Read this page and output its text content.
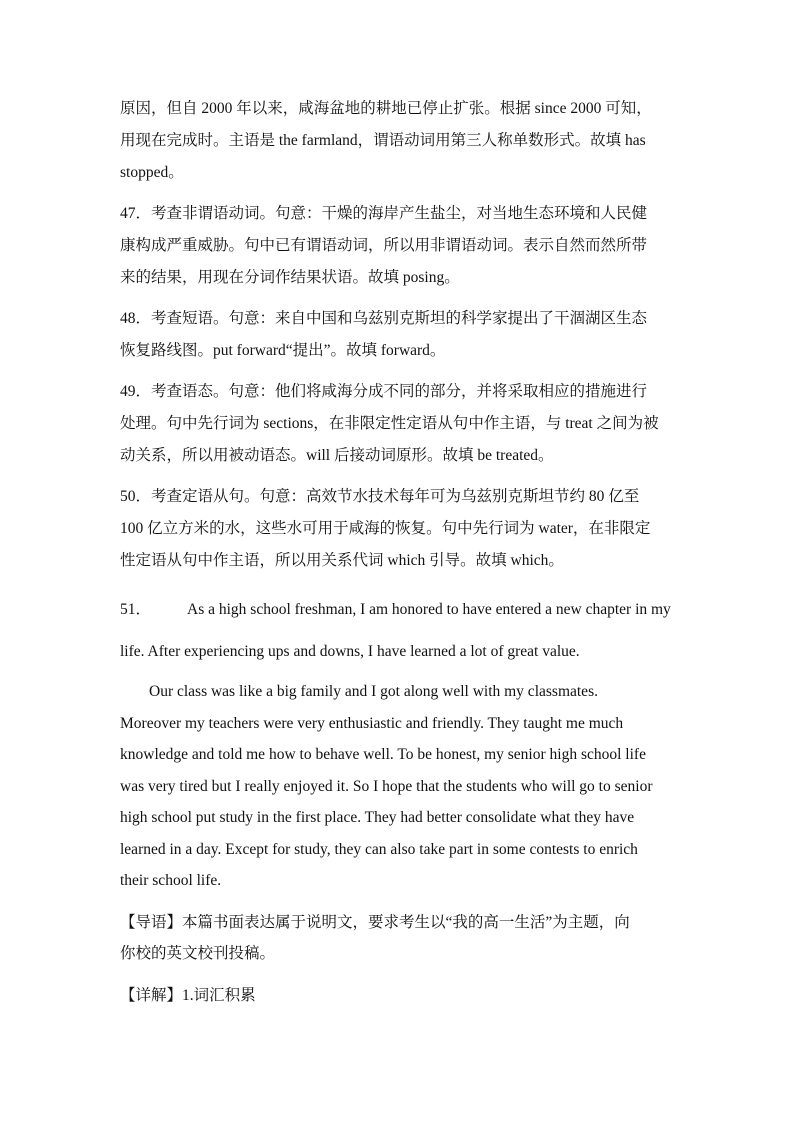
原因，但自 2000 年以来，咸海盆地的耕地已停止扩张。根据 since 2000 可知，
用现在完成时。主语是 the farmland，谓语动词用第三人称单数形式。故填 has
stopped。
47．考查非谓语动词。句意：干燥的海岸产生盐尘，对当地生态环境和人民健
康构成严重威胁。句中已有谓语动词，所以用非谓语动词。表示自然而然所带
来的结果，用现在分词作结果状语。故填 posing。
48．考查短语。句意：来自中国和乌兹别克斯坦的科学家提出了干涸湖区生态
恢复路线图。put forward“提出”。故填 forward。
49．考查语态。句意：他们将咸海分成不同的部分，并将采取相应的措施进行
处理。句中先行词为 sections，在非限定性定语从句中作主语，与 treat 之间为被
动关系，所以用被动语态。will 后接动词原形。故填 be treated。
50．考查定语从句。句意：高效节水技术每年可为乌兹别克斯坦节约 80 亿至
100 亿立方米的水，这些水可用于咸海的恢复。句中先行词为 water，在非限定
性定语从句中作主语，所以用关系代词 which 引导。故填 which。
51． As a high school freshman, I am honored to have entered a new chapter in my
life. After experiencing ups and downs, I have learned a lot of great value.
Our class was like a big family and I got along well with my classmates.
Moreover my teachers were very enthusiastic and friendly. They taught me much
knowledge and told me how to behave well. To be honest, my senior high school life
was very tired but I really enjoyed it. So I hope that the students who will go to senior
high school put study in the first place. They had better consolidate what they have
learned in a day. Except for study, they can also take part in some contests to enrich
their school life.
【导语】本篇书面表达属于说明文，要求考生以“我的高一生活”为主题，向
你校的英文校刊投稿。
【详解】1.词汇积累
